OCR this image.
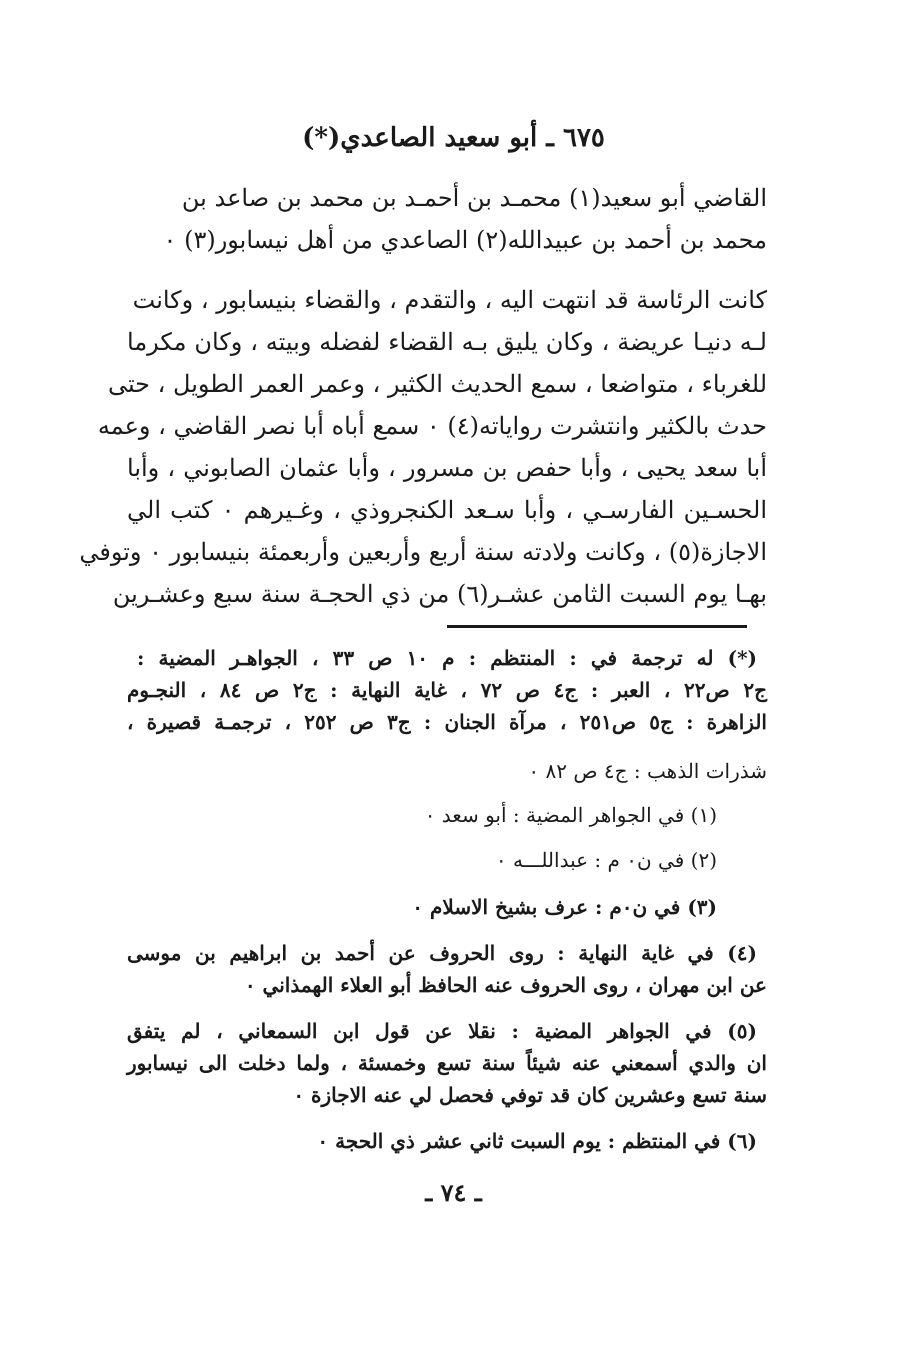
٦٧٥ ـ أبو سعيد الصاعدي(*)
القاضي أبو سعيد(١) محمـد بن أحمـد بن محمد بن صاعد بن
محمد بن أحمد بن عبيدالله(٢) الصاعدي من أهل نيسابور(٣) ٠
كانت الرئاسة قد انتهت اليه ، والتقدم ، والقضاء بنيسابور ، وكانت
لـه دنيـا عريضة ، وكان يليق بـه القضاء لفضله وبيته ، وكان مكرما
للغرباء ، متواضعا ، سمع الحديث الكثير ، وعمر العمر الطويل ، حتى
حدث بالكثير وانتشرت رواياته(٤) ٠ سمع أباه أبا نصر القاضي ، وعمه
أبا سعد يحيى ، وأبا حفص بن مسرور ، وأبا عثمان الصابوني ، وأبا
الحسـين الفارسـي ، وأبا سـعد الكنجروذي ، وغـيرهم ٠ كتب الي
الاجازة(٥) ، وكانت ولادته سنة أربع وأربعين وأربعمئة بنيسابور ٠ وتوفي
بهـا يوم السبت الثامن عشـر(٦) من ذي الحجـة سنة سبع وعشـرين
(*) له ترجمة في : المنتظم : م ١٠ ص ٣٣ ، الجواهـر المضية :
ج٢ ص٢٢ ، العبر : ج٤ ص ٧٢ ، غاية النهاية : ج٢ ص ٨٤ ، النجـوم
الزاهرة : ج٥ ص٢٥١ ، مرآة الجنان : ج٣ ص ٢٥٢ ، ترجمـة قصيرة ،
شذرات الذهب : ج٤ ص ٨٢ ٠
(١) في الجواهر المضية : أبو سعد ٠
(٢) في ن٠ م : عبداللـــه ٠
(٣) في ن٠م : عرف بشيخ الاسلام ٠
(٤) في غاية النهاية : روى الحروف عن أحمد بن ابراهيم بن موسى
عن ابن مهران ، روى الحروف عنه الحافظ أبو العلاء الهمذاني ٠
(٥) في الجواهر المضية : نقلا عن قول ابن السمعاني ، لم يتفق
ان والدي أسمعني عنه شيئاً سنة تسع وخمسئة ، ولما دخلت الى نيسابور
سنة تسع وعشرين كان قد توفي فحصل لي عنه الاجازة ٠
(٦) في المنتظم : يوم السبت ثاني عشر ذي الحجة ٠
ـ ٧٤ ـ
